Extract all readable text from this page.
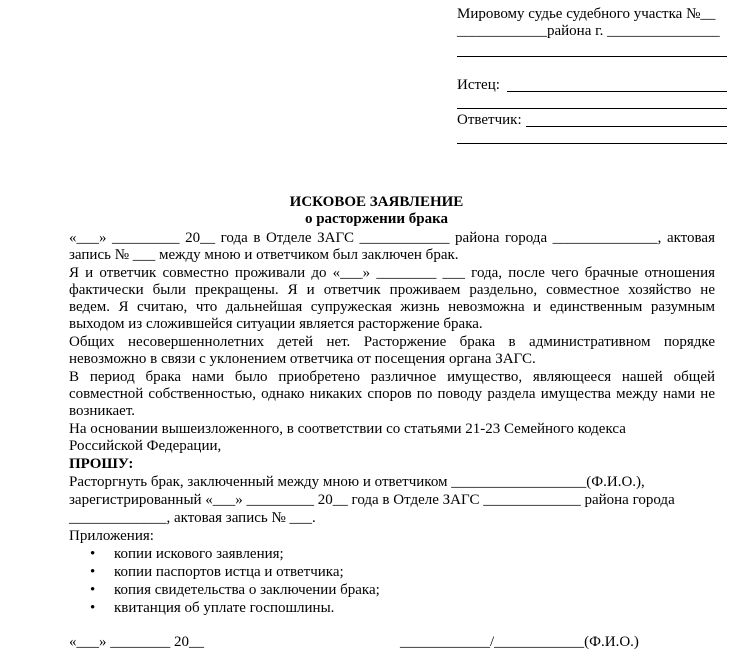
Мировому судье судебного участка №__
____________района г. _______________
Истец:
Ответчик:
ИСКОВОЕ ЗАЯВЛЕНИЕ
о расторжении брака
«___» _________ 20__ года в Отделе ЗАГС ____________ района города ______________, актовая
запись № ___ между мною и ответчиком был заключен брак.
Я и ответчик совместно проживали до «___» ________ ___ года, после чего брачные отношения
фактически были прекращены. Я и ответчик проживаем раздельно, совместное хозяйство не
ведем. Я считаю, что дальнейшая супружеская жизнь невозможна и единственным разумным
выходом из сложившейся ситуации является расторжение брака.
Общих несовершеннолетних детей нет. Расторжение брака в административном порядке
невозможно в связи с уклонением ответчика от посещения органа ЗАГС.
В период брака нами было приобретено различное имущество, являющееся нашей общей
совместной собственностью, однако никаких споров по поводу раздела имущества между нами не
возникает.
На основании вышеизложенного, в соответствии со статьями 21-23 Семейного кодекса
Российской Федерации,
ПРОШУ:
Расторгнуть брак, заключенный между мною и ответчиком __________________(Ф.И.О.),
зарегистрированный «___» _________ 20__ года в Отделе ЗАГС _____________ района города
_____________, актовая запись № ___.
Приложения:
• копии искового заявления;
• копии паспортов истца и ответчика;
• копия свидетельства о заключении брака;
• квитанция об уплате госпошлины.
«___» ________ 20__	____________/____________(Ф.И.О.)
